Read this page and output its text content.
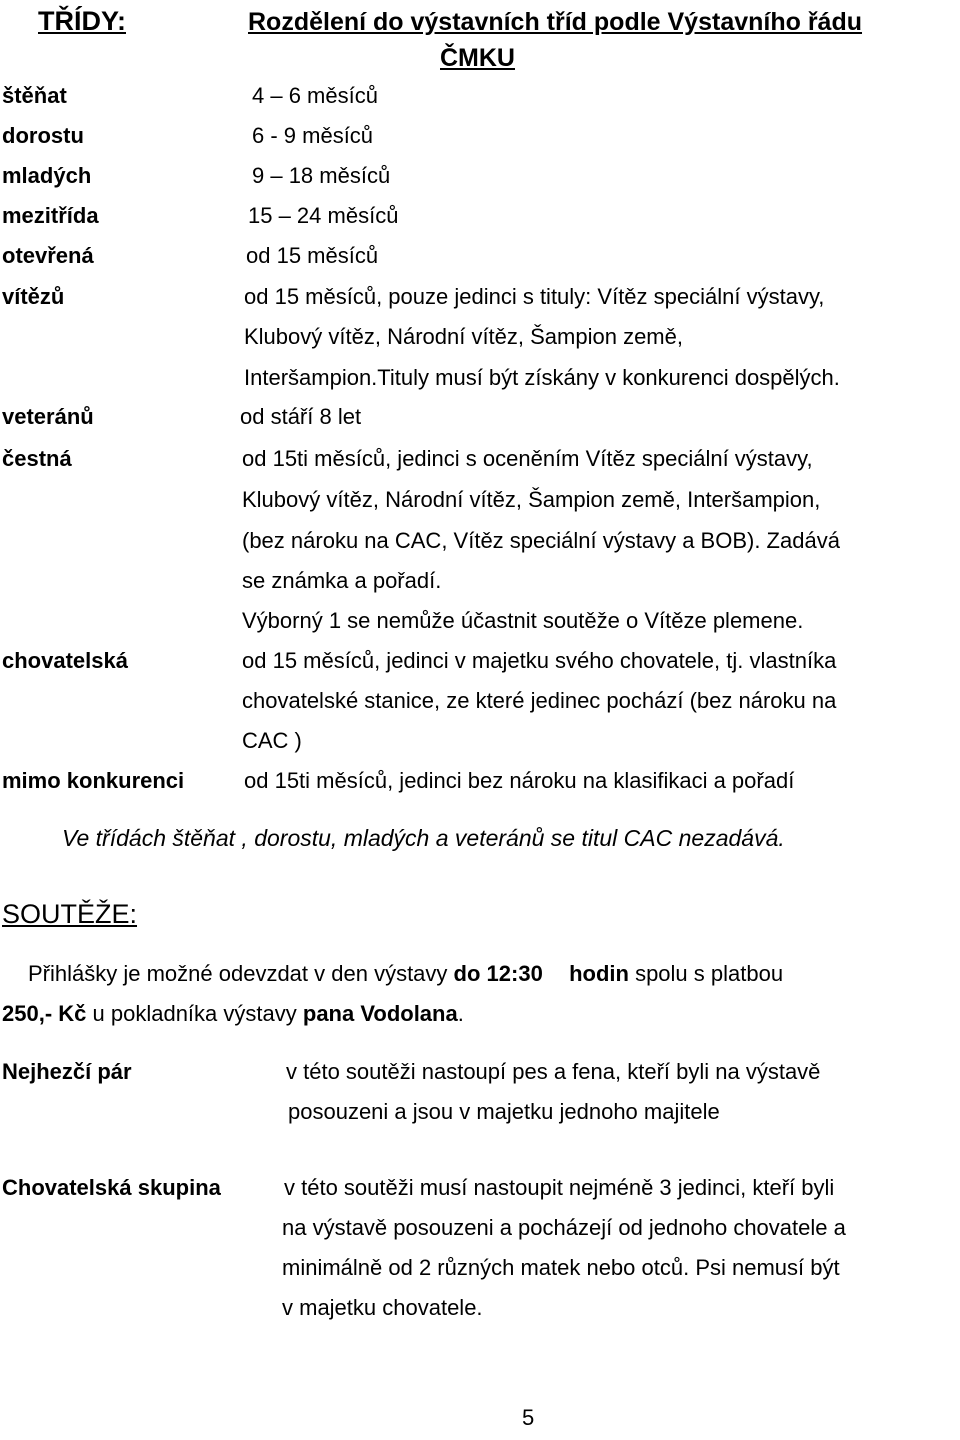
TŘÍDY:	Rozdělení do výstavních tříd podle Výstavního řádu
ČMKU
štěňat	4 – 6 měsíců
dorostu	6 - 9 měsíců
mladých	9 – 18 měsíců
mezitřída	15 – 24 měsíců
otevřená	od 15 měsíců
vítězů	od 15 měsíců, pouze jedinci s tituly: Vítěz speciální výstavy,
Klubový vítěz, Národní vítěz, Šampion země,
Interšampion.Tituly musí být získány v konkurenci dospělých.
veteránů	od stáří 8 let
čestná	od 15ti měsíců, jedinci s oceněním Vítěz speciální výstavy,
Klubový vítěz, Národní vítěz, Šampion země, Interšampion,
(bez nároku na CAC, Vítěz speciální výstavy a BOB). Zadává
se známka a pořadí.
Výborný 1 se nemůže účastnit soutěže o Vítěze plemene.
chovatelská	od 15 měsíců, jedinci v majetku svého chovatele, tj. vlastníka
chovatelské stanice, ze které jedinec pochází (bez nároku na
CAC )
mimo konkurenci	od 15ti měsíců, jedinci bez nároku na klasifikaci a pořadí
Ve třídách štěňat , dorostu, mladých a veteránů se titul CAC nezadává.
SOUTĚŽE:
Přihlášky je možné odevzdat v den výstavy do 12:30 hodin spolu s platbou
250,- Kč u pokladníka výstavy pana Vodolana.
Nejhezčí pár	v této soutěži nastoupí pes a fena, kteří byli na výstavě
posouzeni a jsou v majetku jednoho majitele
Chovatelská skupina	v této soutěži musí nastoupit nejméně 3 jedinci, kteří byli
na výstavě posouzeni a pocházejí od jednoho chovatele a
minimálně od 2 různých matek nebo otců. Psi nemusí být
v majetku chovatele.
5
